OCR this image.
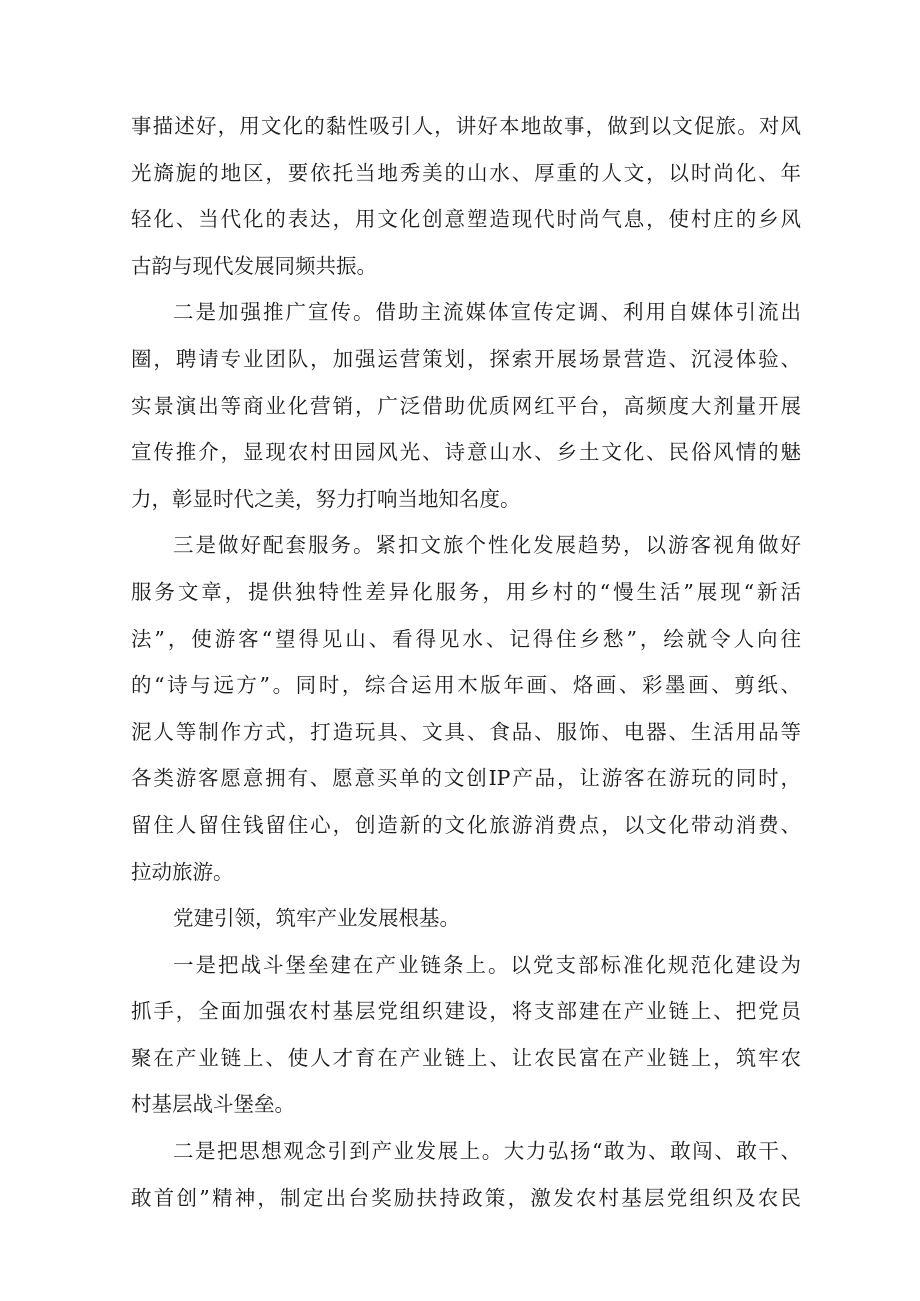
事描述好，用文化的黏性吸引人，讲好本地故事，做到以文促旅。对风
光旖旎的地区，要依托当地秀美的山水、厚重的人文，以时尚化、年
轻化、当代化的表达，用文化创意塑造现代时尚气息，使村庄的乡风
古韵与现代发展同频共振。
二是加强推广宣传。借助主流媒体宣传定调、利用自媒体引流出
圈，聘请专业团队，加强运营策划，探索开展场景营造、沉浸体验、
实景演出等商业化营销，广泛借助优质网红平台，高频度大剂量开展
宣传推介，显现农村田园风光、诗意山水、乡土文化、民俗风情的魅
力，彰显时代之美，努力打响当地知名度。
三是做好配套服务。紧扣文旅个性化发展趋势，以游客视角做好
服务文章，提供独特性差异化服务，用乡村的“慢生活”展现“新活
法”，使游客“望得见山、看得见水、记得住乡愁”，绘就令人向往
的“诗与远方”。同时，综合运用木版年画、烙画、彩墨画、剪纸、
泥人等制作方式，打造玩具、文具、食品、服饰、电器、生活用品等
各类游客愿意拥有、愿意买单的文创IP产品，让游客在游玩的同时，
留住人留住钱留住心，创造新的文化旅游消费点，以文化带动消费、
拉动旅游。
党建引领，筑牢产业发展根基。
一是把战斗堡垒建在产业链条上。以党支部标准化规范化建设为
抓手，全面加强农村基层党组织建设，将支部建在产业链上、把党员
聚在产业链上、使人才育在产业链上、让农民富在产业链上，筑牢农
村基层战斗堡垒。
二是把思想观念引到产业发展上。大力弘扬“敢为、敢闯、敢干、
敢首创”精神，制定出台奖励扶持政策，激发农村基层党组织及农民
